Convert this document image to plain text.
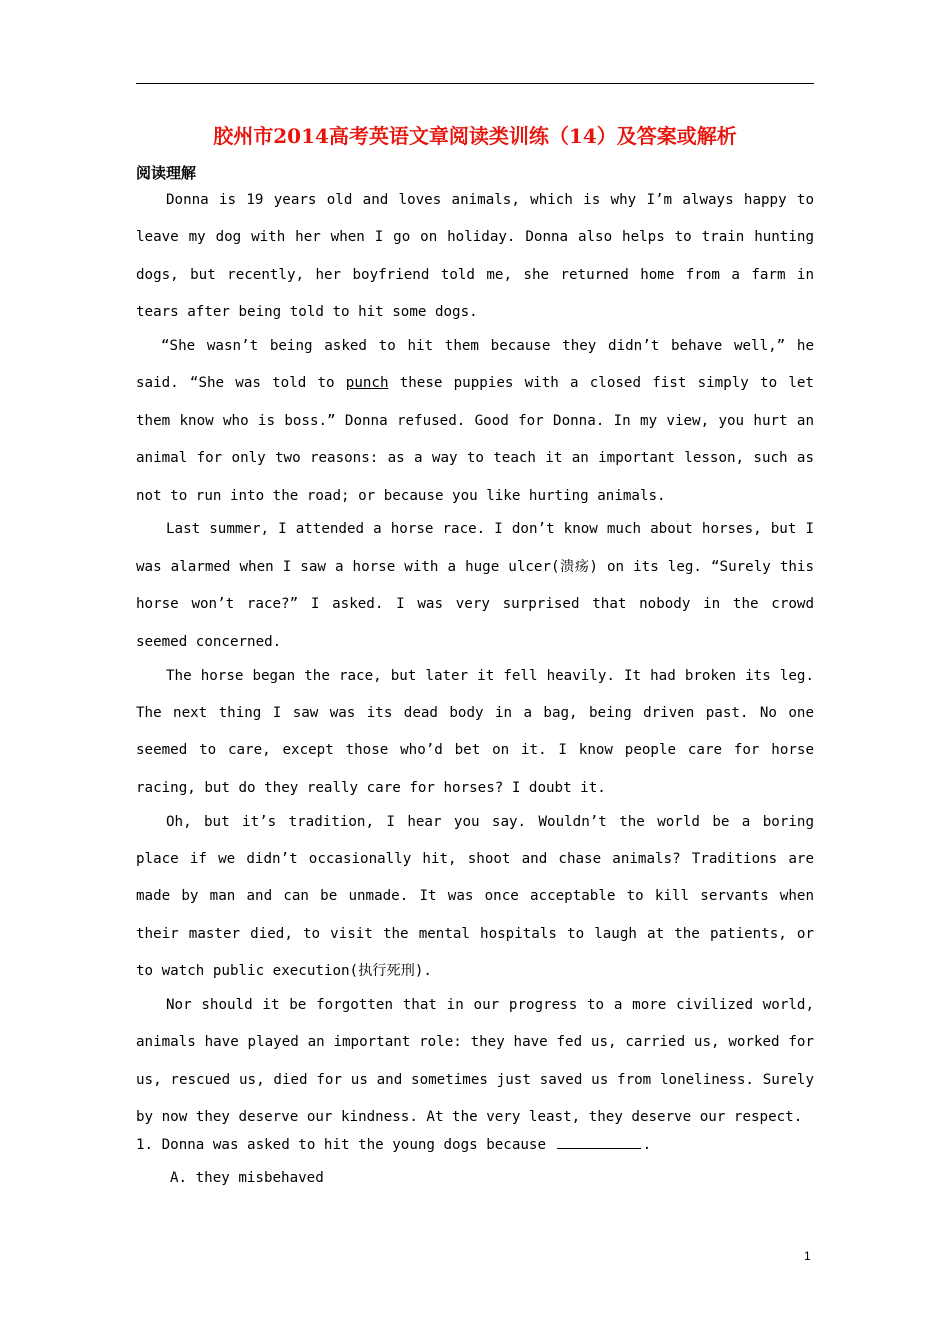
胶州市2014高考英语文章阅读类训练（14）及答案或解析
阅读理解

Donna is 19 years old and loves animals, which is why I’m always happy to leave my dog with her when I go on holiday. Donna also helps to train hunting dogs, but recently, her boyfriend told me, she returned home from a farm in tears after being told to hit some dogs.

“She wasn’t being asked to hit them because they didn’t behave well,” he said. “She was told to punch these puppies with a closed fist simply to let them know who is boss.” Donna refused. Good for Donna. In my view, you hurt an animal for only two reasons: as a way to teach it an important lesson, such as not to run into the road; or because you like hurting animals.

Last summer, I attended a horse race. I don’t know much about horses, but I was alarmed when I saw a horse with a huge ulcer(溃疡) on its leg. “Surely this horse won’t race?” I asked. I was very surprised that nobody in the crowd seemed concerned.

The horse began the race, but later it fell heavily. It had broken its leg. The next thing I saw was its dead body in a bag, being driven past. No one seemed to care, except those who’d bet on it. I know people care for horse racing, but do they really care for horses? I doubt it.

Oh, but it’s tradition, I hear you say. Wouldn’t the world be a boring place if we didn’t occasionally hit, shoot and chase animals? Traditions are made by man and can be unmade. It was once acceptable to kill servants when their master died, to visit the mental hospitals to laugh at the patients, or to watch public execution(执行死刑).

Nor should it be forgotten that in our progress to a more civilized world, animals have played an important role: they have fed us, carried us, worked for us, rescued us, died for us and sometimes just saved us from loneliness. Surely by now they deserve our kindness. At the very least, they deserve our respect.

1. Donna was asked to hit the young dogs because	.
A. they misbehaved
1
